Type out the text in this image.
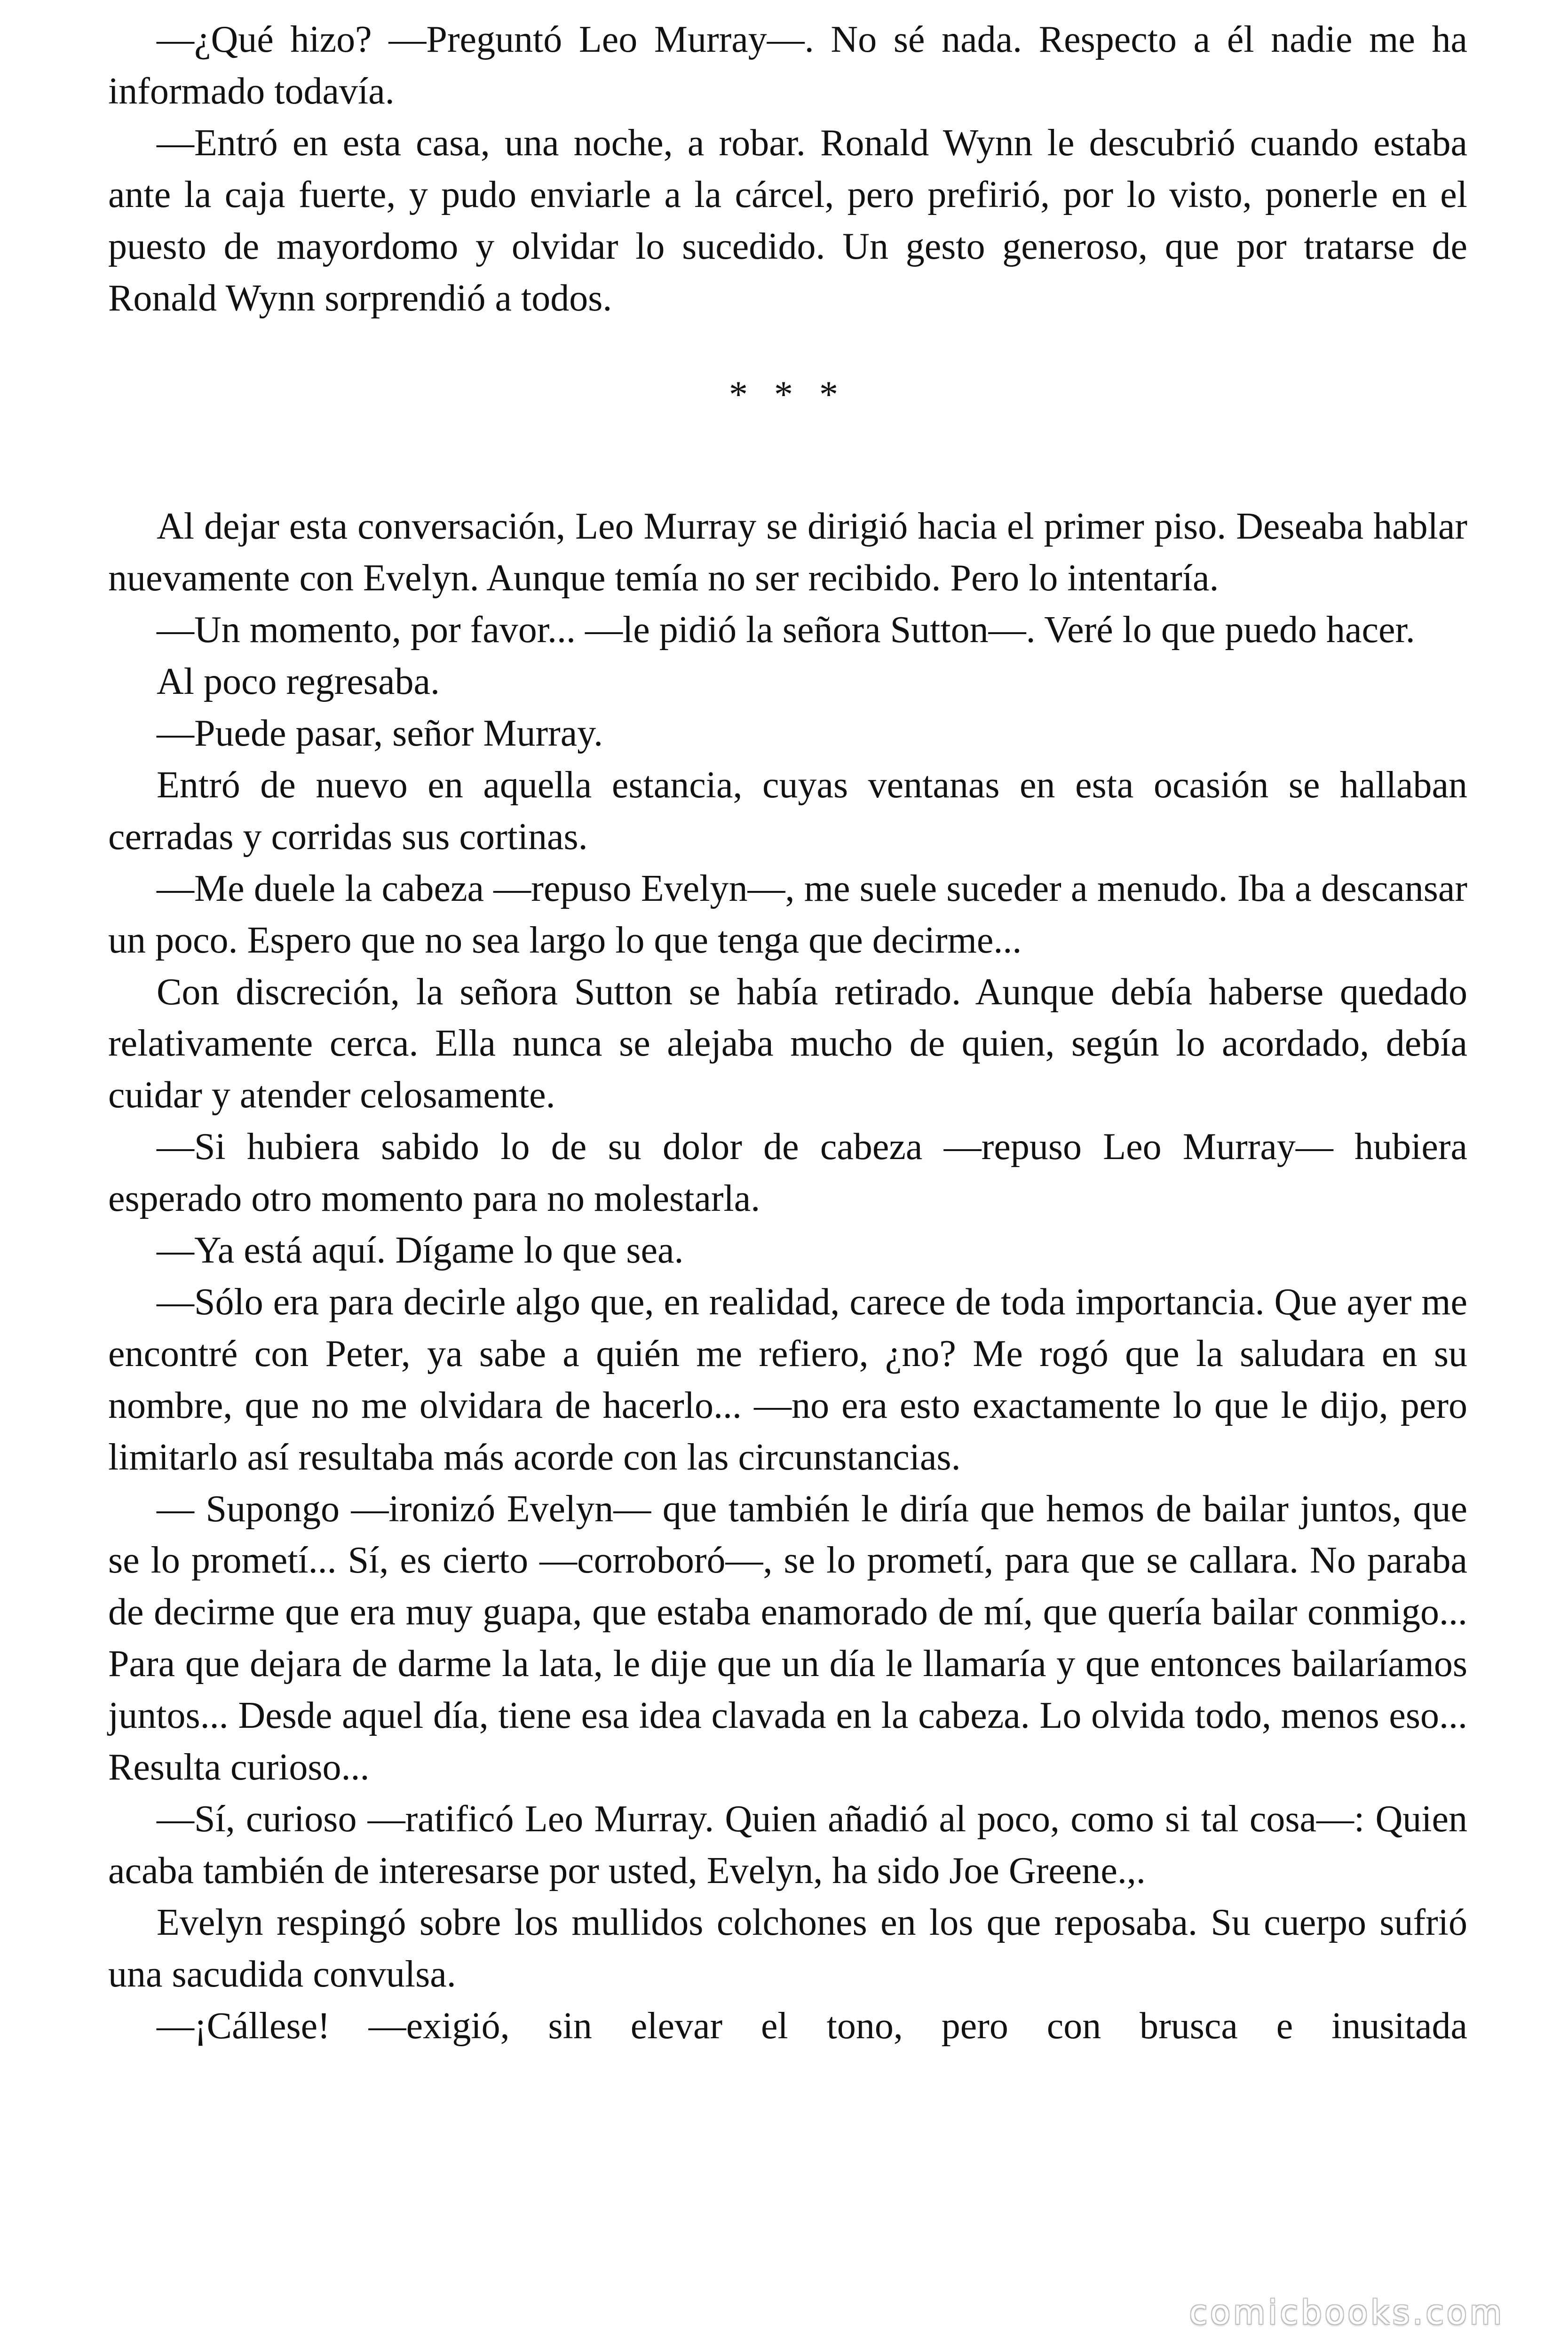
—¿Qué hizo? —Preguntó Leo Murray—. No sé nada. Respecto a él nadie me ha informado todavía.

—Entró en esta casa, una noche, a robar. Ronald Wynn le descubrió cuando estaba ante la caja fuerte, y pudo enviarle a la cárcel, pero prefirió, por lo visto, ponerle en el puesto de mayordomo y olvidar lo sucedido. Un gesto generoso, que por tratarse de Ronald Wynn sorprendió a todos.

* * *

Al dejar esta conversación, Leo Murray se dirigió hacia el primer piso. Deseaba hablar nuevamente con Evelyn. Aunque temía no ser recibido. Pero lo intentaría.

—Un momento, por favor... —le pidió la señora Sutton—. Veré lo que puedo hacer.

Al poco regresaba.

—Puede pasar, señor Murray.

Entró de nuevo en aquella estancia, cuyas ventanas en esta ocasión se hallaban cerradas y corridas sus cortinas.

—Me duele la cabeza —repuso Evelyn—, me suele suceder a menudo. Iba a descansar un poco. Espero que no sea largo lo que tenga que decirme...

Con discreción, la señora Sutton se había retirado. Aunque debía haberse quedado relativamente cerca. Ella nunca se alejaba mucho de quien, según lo acordado, debía cuidar y atender celosamente.

—Si hubiera sabido lo de su dolor de cabeza —repuso Leo Murray— hubiera esperado otro momento para no molestarla.

—Ya está aquí. Dígame lo que sea.

—Sólo era para decirle algo que, en realidad, carece de toda importancia. Que ayer me encontré con Peter, ya sabe a quién me refiero, ¿no? Me rogó que la saludara en su nombre, que no me olvidara de hacerlo... —no era esto exactamente lo que le dijo, pero limitarlo así resultaba más acorde con las circunstancias.

— Supongo —ironizó Evelyn— que también le diría que hemos de bailar juntos, que se lo prometí... Sí, es cierto —corroboró—, se lo prometí, para que se callara. No paraba de decirme que era muy guapa, que estaba enamorado de mí, que quería bailar conmigo... Para que dejara de darme la lata, le dije que un día le llamaría y que entonces bailaríamos juntos... Desde aquel día, tiene esa idea clavada en la cabeza. Lo olvida todo, menos eso... Resulta curioso...

—Sí, curioso —ratificó Leo Murray. Quien añadió al poco, como si tal cosa—: Quien acaba también de interesarse por usted, Evelyn, ha sido Joe Greene.,.

Evelyn respingó sobre los mullidos colchones en los que reposaba. Su cuerpo sufrió una sacudida convulsa.

—¡Cállese! —exigió, sin elevar el tono, pero con brusca e inusitada

comicbooks.com
